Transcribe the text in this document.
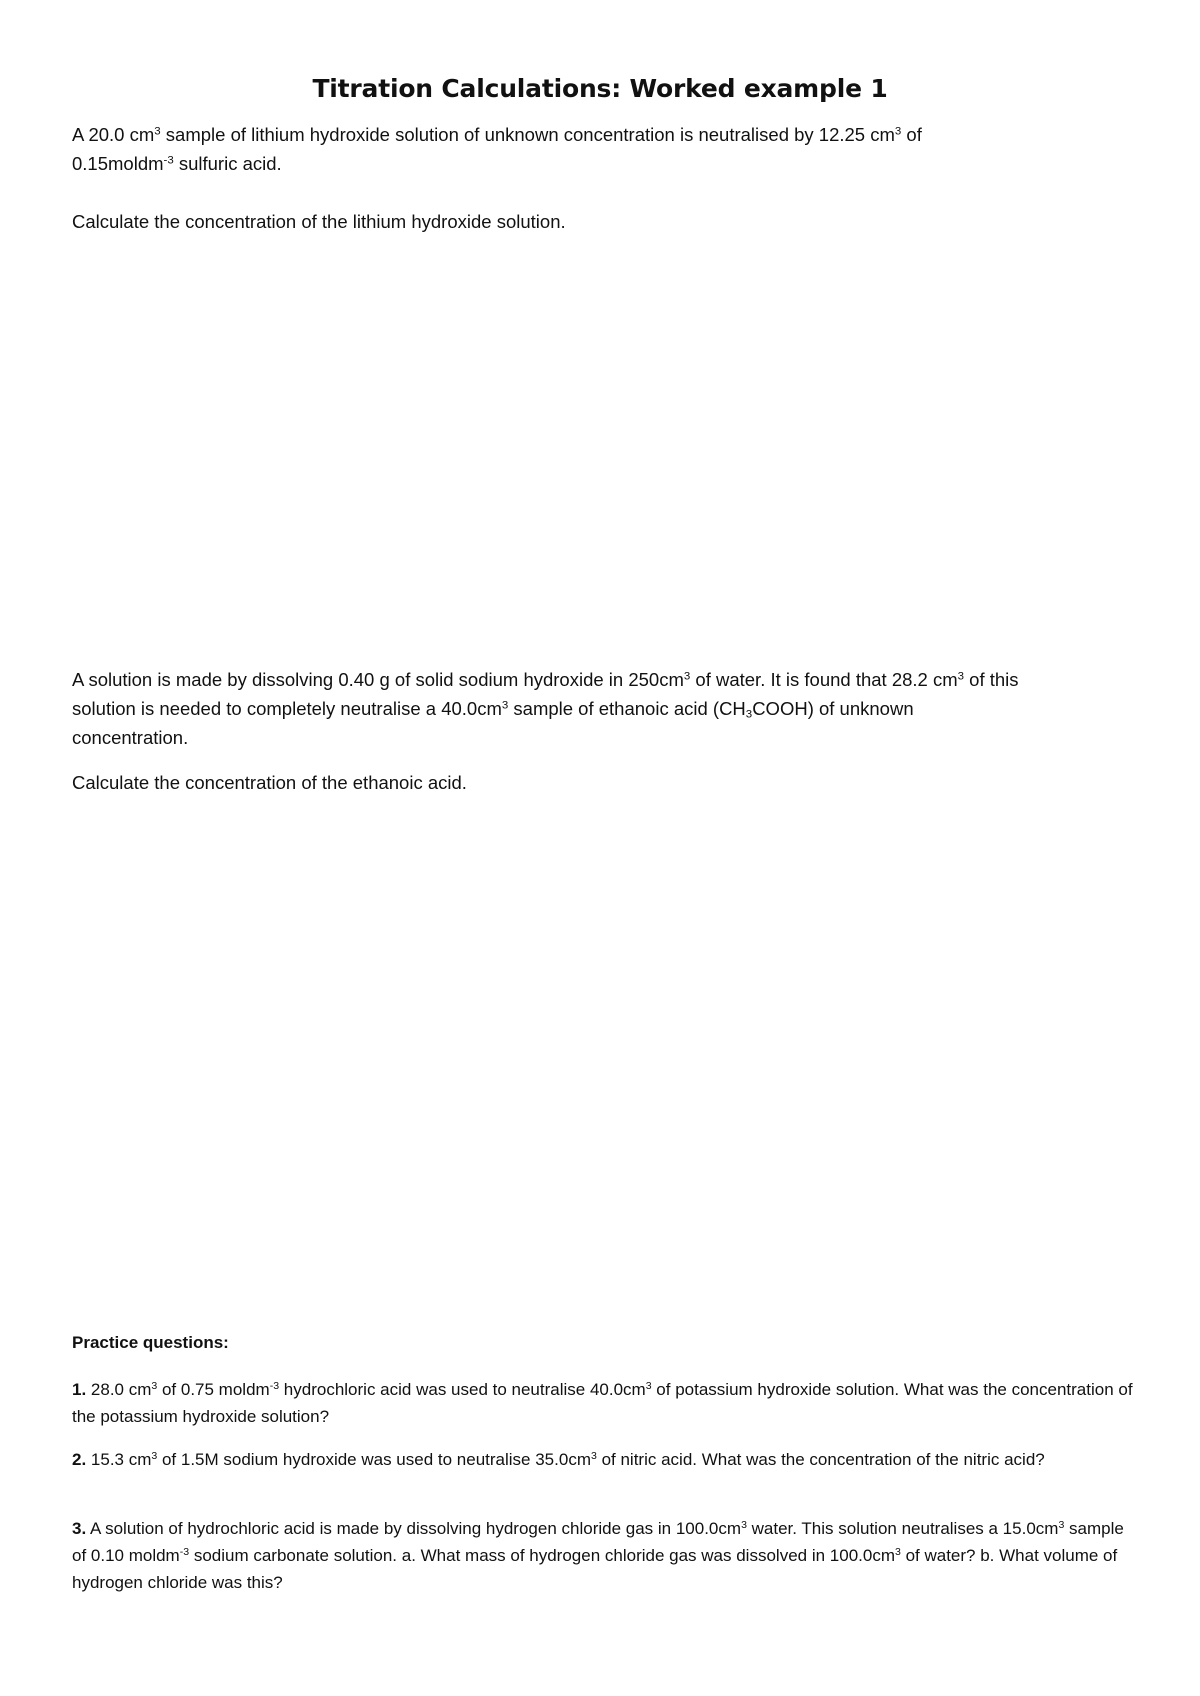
Titration Calculations: Worked example 1

A 20.0 $cm^3$ sample of lithium hydroxide solution of unknown concentration is neutralised by 12.25 $cm^3$ of
0.15moldm$^{-3}$ sulfuric acid.

Calculate the concentration of the lithium hydroxide solution.

A solution is made by dissolving 0.40 g of solid sodium hydroxide in $250cm^3$ of water. It is found that 28.2 $cm^3$ of this
solution is needed to completely neutralise a $40.0cm^3$ sample of ethanoic acid $(CH_3COOH)$ of unknown
concentration.

Calculate the concentration of the ethanoic acid.

Practice questions:

1. 28.0 $cm^3$ of 0.75 moldm$^{-3}$ hydrochloric acid was used to neutralise $40.0cm^3$ of potassium hydroxide solution. What was the concentration of the potassium hydroxide solution?

2. 15.3 $cm^3$ of 1.5M sodium hydroxide was used to neutralise $35.0cm^3$ of nitric acid. What was the concentration of the nitric acid?

3. A solution of hydrochloric acid is made by dissolving hydrogen chloride gas in $100.0cm^3$ water. This solution neutralises a $15.0cm^3$ sample of 0.10 moldm$^{-3}$ sodium carbonate solution. a. What mass of hydrogen chloride gas was dissolved in $100.0cm^3$ of water? b. What volume of hydrogen chloride was this?
